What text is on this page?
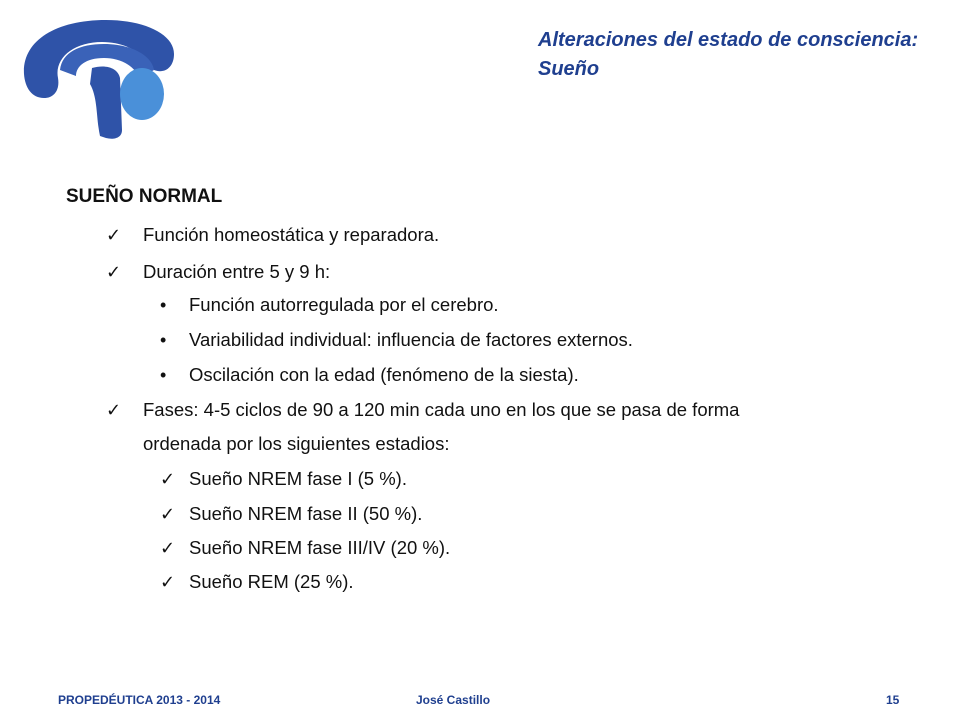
Alteraciones del estado de consciencia:
Sueño
SUEÑO NORMAL
✓ Función homeostática y reparadora.
✓ Duración entre 5 y 9 h:
• Función autorregulada por el cerebro.
• Variabilidad individual: influencia de factores externos.
• Oscilación con la edad (fenómeno de la siesta).
✓ Fases: 4-5 ciclos de 90 a 120 min cada uno en los que se pasa de forma
ordenada por los siguientes estadios:
✓ Sueño NREM fase I (5 %).
✓ Sueño NREM fase II (50 %).
✓ Sueño NREM fase III/IV (20 %).
✓ Sueño REM (25 %).
PROPEDÉUTICA 2013 - 2014	José Castillo	15
